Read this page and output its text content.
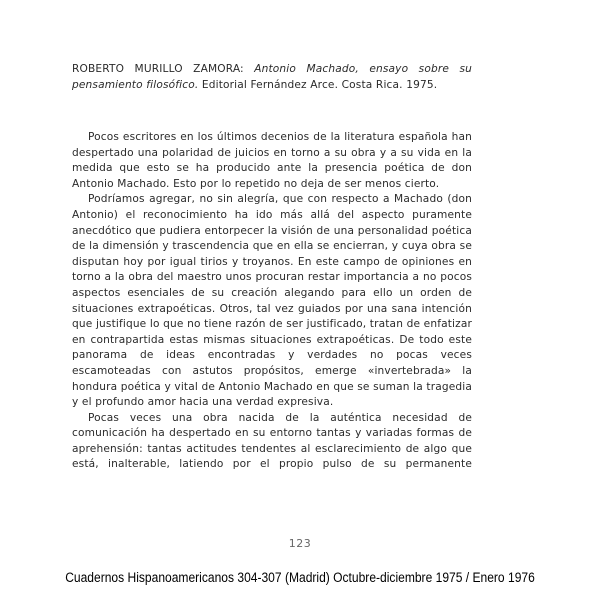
ROBERTO MURILLO ZAMORA: Antonio Machado, ensayo sobre su pensamiento filosófico. Editorial Fernández Arce. Costa Rica. 1975.

Pocos escritores en los últimos decenios de la literatura española han despertado una polaridad de juicios en torno a su obra y a su vida en la medida que esto se ha producido ante la presencia poética de don Antonio Machado. Esto por lo repetido no deja de ser menos cierto.

Podríamos agregar, no sin alegría, que con respecto a Machado (don Antonio) el reconocimiento ha ido más allá del aspecto puramente anecdótico que pudiera entorpecer la visión de una personalidad poética de la dimensión y trascendencia que en ella se encierran, y cuya obra se disputan hoy por igual tirios y troyanos. En este campo de opiniones en torno a la obra del maestro unos procuran restar importancia a no pocos aspectos esenciales de su creación alegando para ello un orden de situaciones extrapoéticas. Otros, tal vez guiados por una sana intención que justifique lo que no tiene razón de ser justificado, tratan de enfatizar en contrapartida estas mismas situaciones extrapoéticas. De todo este panorama de ideas encontradas y verdades no pocas veces escamoteadas con astutos propósitos, emerge «invertebrada» la hondura poética y vital de Antonio Machado en que se suman la tragedia y el profundo amor hacia una verdad expresiva.

Pocas veces una obra nacida de la auténtica necesidad de comunicación ha despertado en su entorno tantas y variadas formas de aprehensión: tantas actitudes tendentes al esclarecimiento de algo que está, inalterable, latiendo por el propio pulso de su permanente

123
Cuadernos Hispanoamericanos 304-307 (Madrid) Octubre-diciembre 1975 / Enero 1976
